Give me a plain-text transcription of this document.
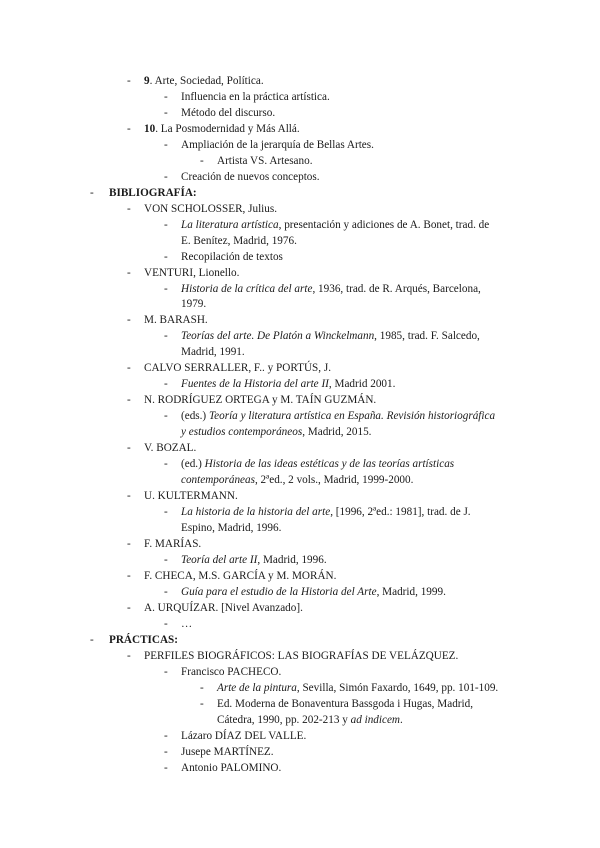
- 9. Arte, Sociedad, Política.
- Influencia en la práctica artística.
- Método del discurso.
- 10. La Posmodernidad y Más Allá.
- Ampliación de la jerarquía de Bellas Artes.
- Artista VS. Artesano.
- Creación de nuevos conceptos.
- BIBLIOGRAFÍA:
- VON SCHOLOSSER, Julius.
- La literatura artística, presentación y adiciones de A. Bonet, trad. de
E. Benítez, Madrid, 1976.
- Recopilación de textos
- VENTURI, Lionello.
- Historia de la crítica del arte, 1936, trad. de R. Arqués, Barcelona,
1979.
- M. BARASH.
- Teorías del arte. De Platón a Winckelmann, 1985, trad. F. Salcedo,
Madrid, 1991.
- CALVO SERRALLER, F.. y PORTÚS, J.
- Fuentes de la Historia del arte II, Madrid 2001.
- N. RODRÍGUEZ ORTEGA y M. TAÍN GUZMÁN.
- (eds.) Teoría y literatura artística en España. Revisión historiográfica
y estudios contemporáneos, Madrid, 2015.
- V. BOZAL.
- (ed.) Historia de las ideas estéticas y de las teorías artísticas
contemporáneas, 2ªed., 2 vols., Madrid, 1999-2000.
- U. KULTERMANN.
- La historia de la historia del arte, [1996, 2ªed.: 1981], trad. de J.
Espino, Madrid, 1996.
- F. MARÍAS.
- Teoría del arte II, Madrid, 1996.
- F. CHECA, M.S. GARCÍA y M. MORÁN.
- Guía para el estudio de la Historia del Arte, Madrid, 1999.
- A. URQUÍZAR. [Nivel Avanzado].
- …
- PRÁCTICAS:
- PERFILES BIOGRÁFICOS: LAS BIOGRAFÍAS DE VELÁZQUEZ.
- Francisco PACHECO.
- Arte de la pintura, Sevilla, Simón Faxardo, 1649, pp. 101-109.
- Ed. Moderna de Bonaventura Bassgoda i Hugas, Madrid,
Cátedra, 1990, pp. 202-213 y ad indicem.
- Lázaro DÍAZ DEL VALLE.
- Jusepe MARTÍNEZ.
- Antonio PALOMINO.
